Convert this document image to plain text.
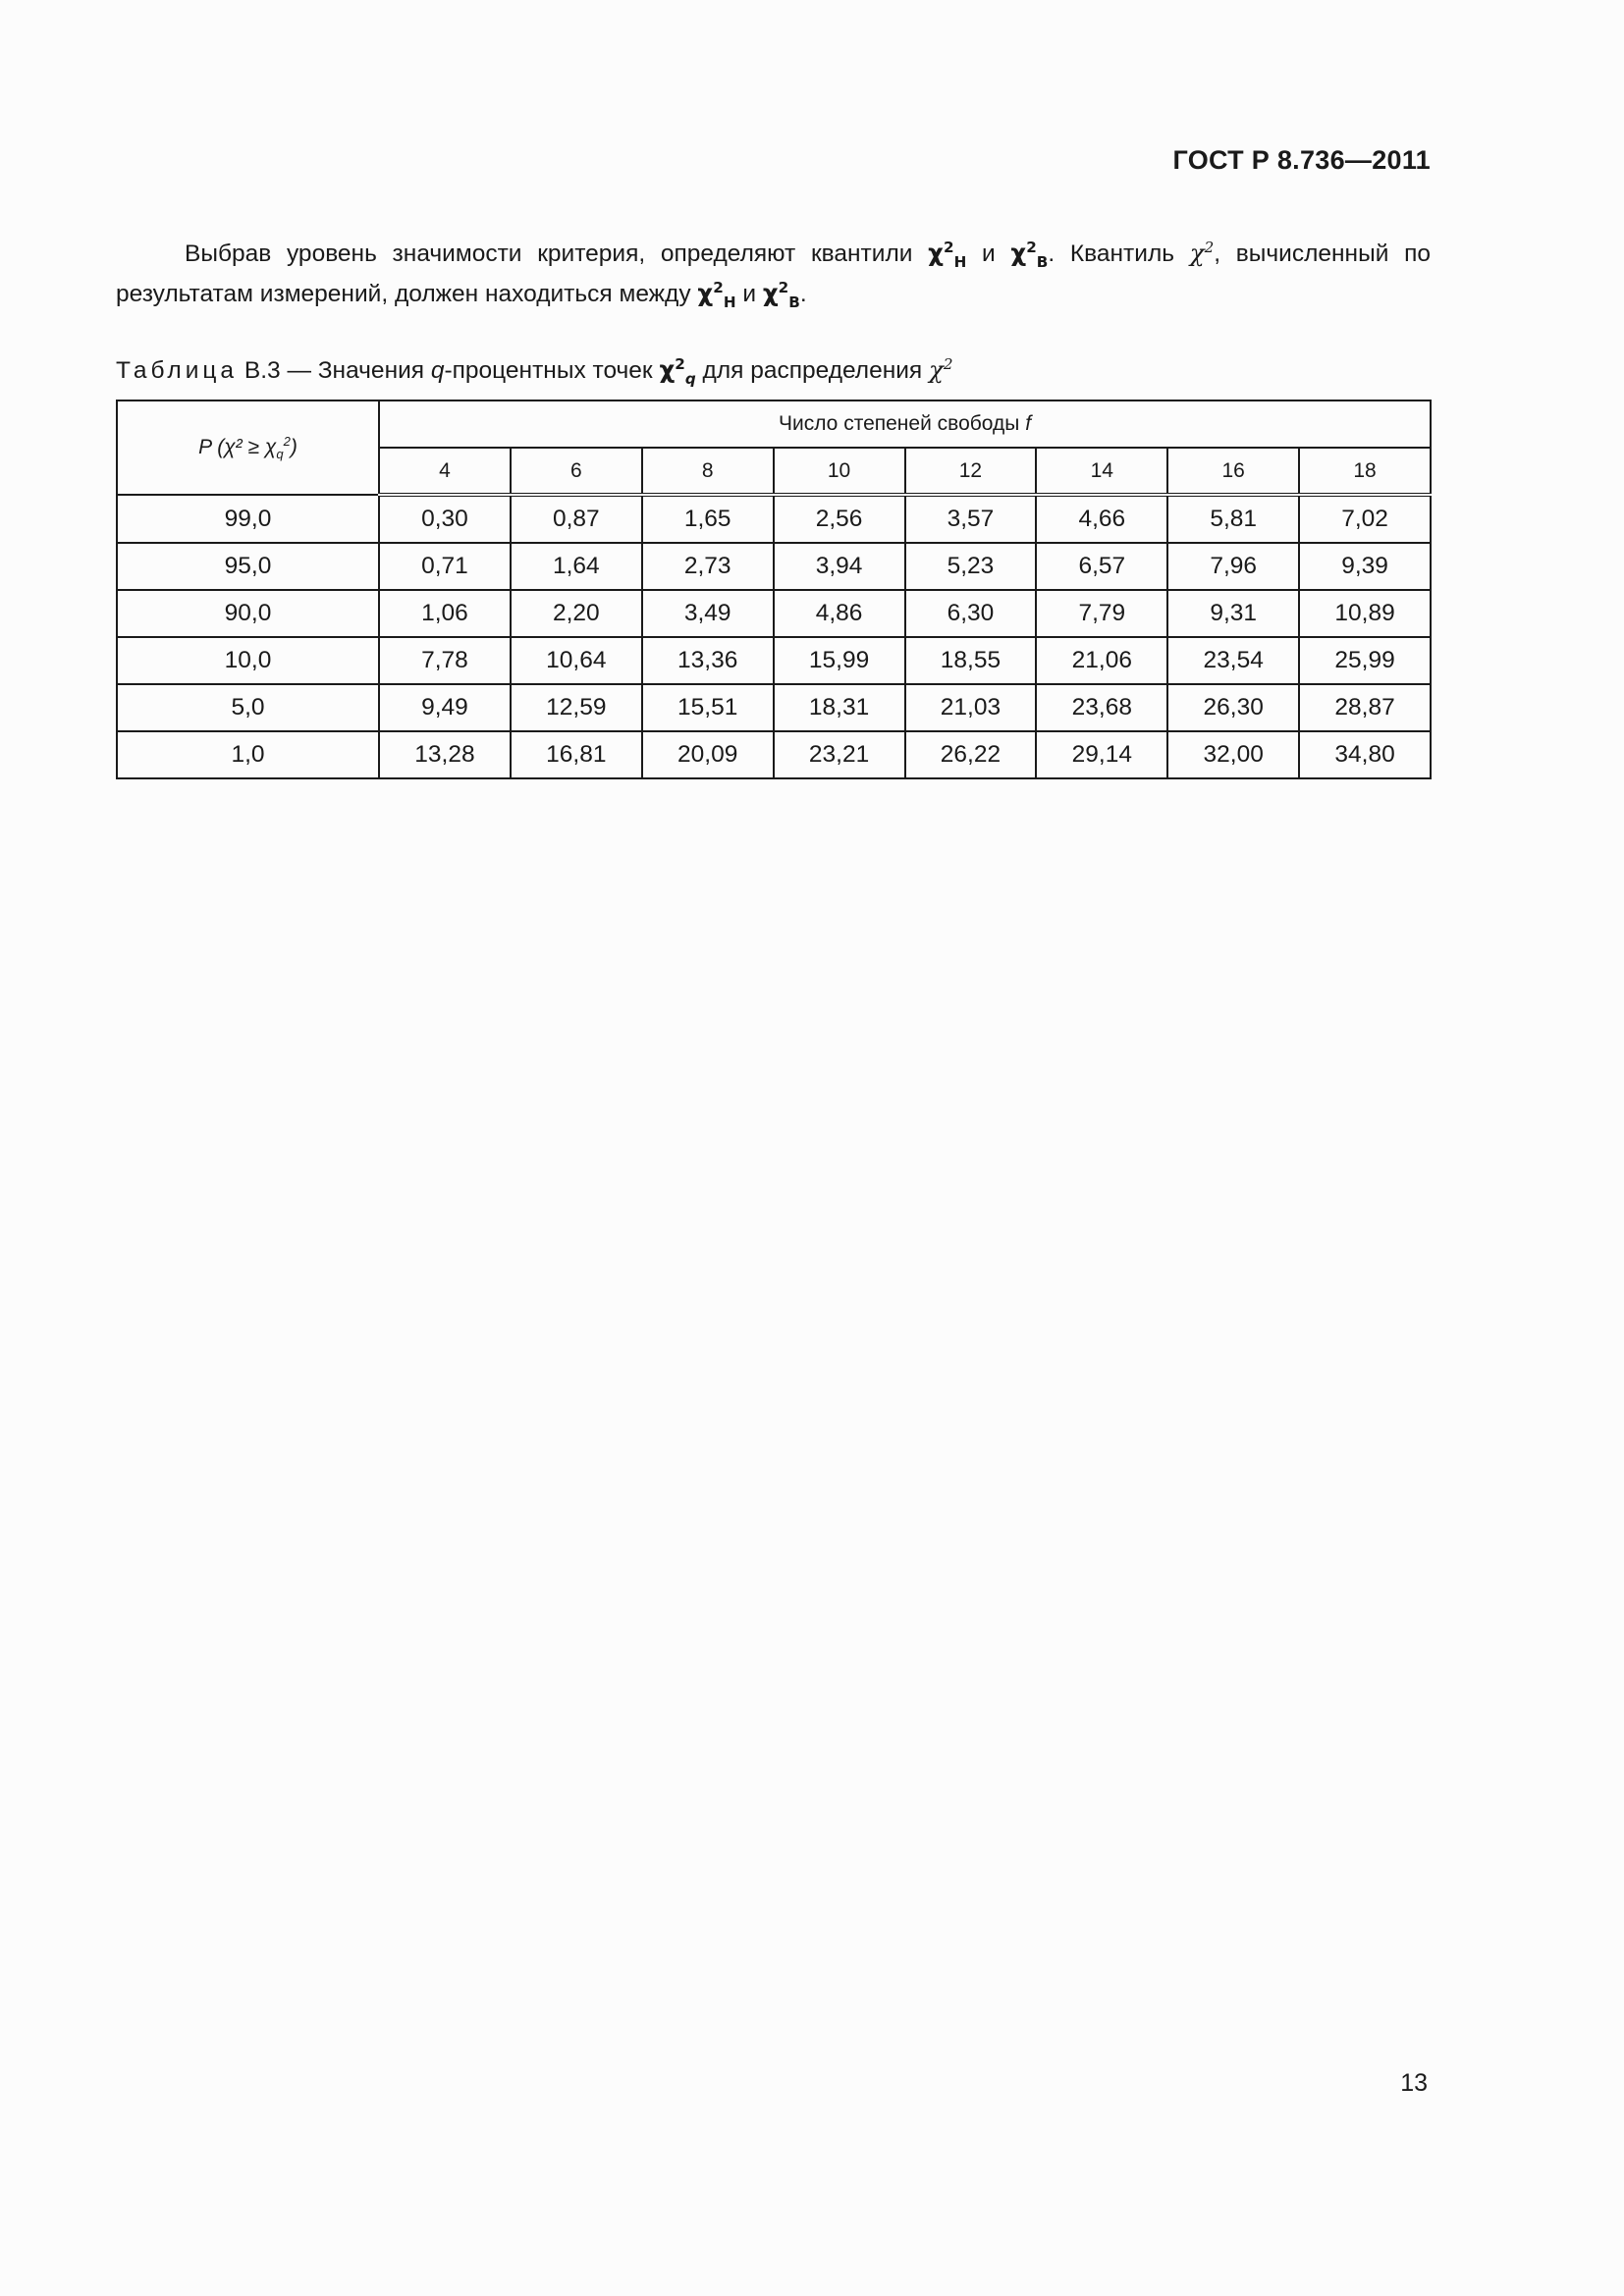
ГОСТ Р 8.736—2011

Выбрав уровень значимости критерия, определяют квантили $\chi^2_Н$ и $\chi^2_В$. Квантиль $\chi^2$, вычисленный по результатам измерений, должен находиться между $\chi^2_Н$ и $\chi^2_В$.

Таблица В.3 — Значения q-процентных точек $\chi^2_q$ для распределения $\chi^2$
P $(\chi^2 \ge \chi_q^2)$	Число степеней свободы f							
	4	6	8	10	12	14	16	18
99,0	0,30	0,87	1,65	2,56	3,57	4,66	5,81	7,02
95,0	0,71	1,64	2,73	3,94	5,23	6,57	7,96	9,39
90,0	1,06	2,20	3,49	4,86	6,30	7,79	9,31	10,89
10,0	7,78	10,64	13,36	15,99	18,55	21,06	23,54	25,99
5,0	9,49	12,59	15,51	18,31	21,03	23,68	26,30	28,87
1,0	13,28	16,81	20,09	23,21	26,22	29,14	32,00	34,80
13
